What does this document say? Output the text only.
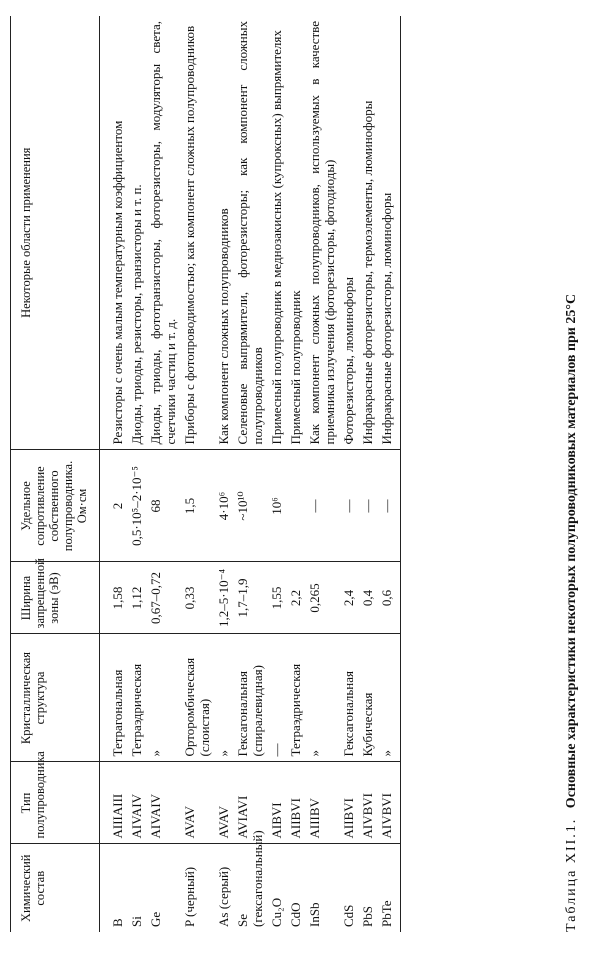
Химический состав	Тип полупроводника	Кристаллическая структура	Ширина запрещенной зоны (эВ)	Удельное сопротивление собственного полупроводника. Ом·см	Некоторые области применения
B	AIIIAIII	Тетрагональная	1,58	2	Резисторы с очень малым температурным коэффициентом
Si	AIVAIV	Тетраэдрическая	1,12	0,5·10⁵–2·10⁻⁵	Диоды, триоды, резисторы, транзисторы и т. п.
Ge	AIVAIV	»	0,67–0,72	68	Диоды, триоды, фототранзисторы, фоторезисторы, модуляторы света, счетчики частиц и т. д.
P (черный)	AVAV	Орторомбическая (слоистая)	0,33	1,5	Приборы с фотопроводимостью; как компонент сложных полупроводников
As (серый)	AVAV	»	1,2–5·10⁻⁴	4·10⁶	Как компонент сложных полупроводников
Se (гексагональный)	AVIAVI	Гексагональная (спиралевидная)	1,7–1,9	~10¹⁰	Селеновые выпрямители, фоторезисторы; как компонент сложных полупроводников
Cu₂O	AIBVI	—	1,55	10⁶	Примесный полупроводник в меднозакисных (купроксных) выпрямителях
CdO	AIIBVI	Тетраэдрическая	2,2		Примесный полупроводник
InSb	AIIIBV	»	0,265	—	Как компонент сложных полупроводников, используемых в качестве приемника излучения (фоторезисторы, фотодиоды)
CdS	AIIBVI	Гексагональная	2,4	—	Фоторезисторы, люминофоры
PbS	AIVBVI	Кубическая	0,4	—	Инфракрасные фоторезисторы, термоэлементы, люминофоры
PbTe	AIVBVI	»	0,6	—	Инфракрасные фоторезисторы, люминофоры
Таблица XII.1. Основные характеристики некоторых полупроводниковых материалов при 25°С
